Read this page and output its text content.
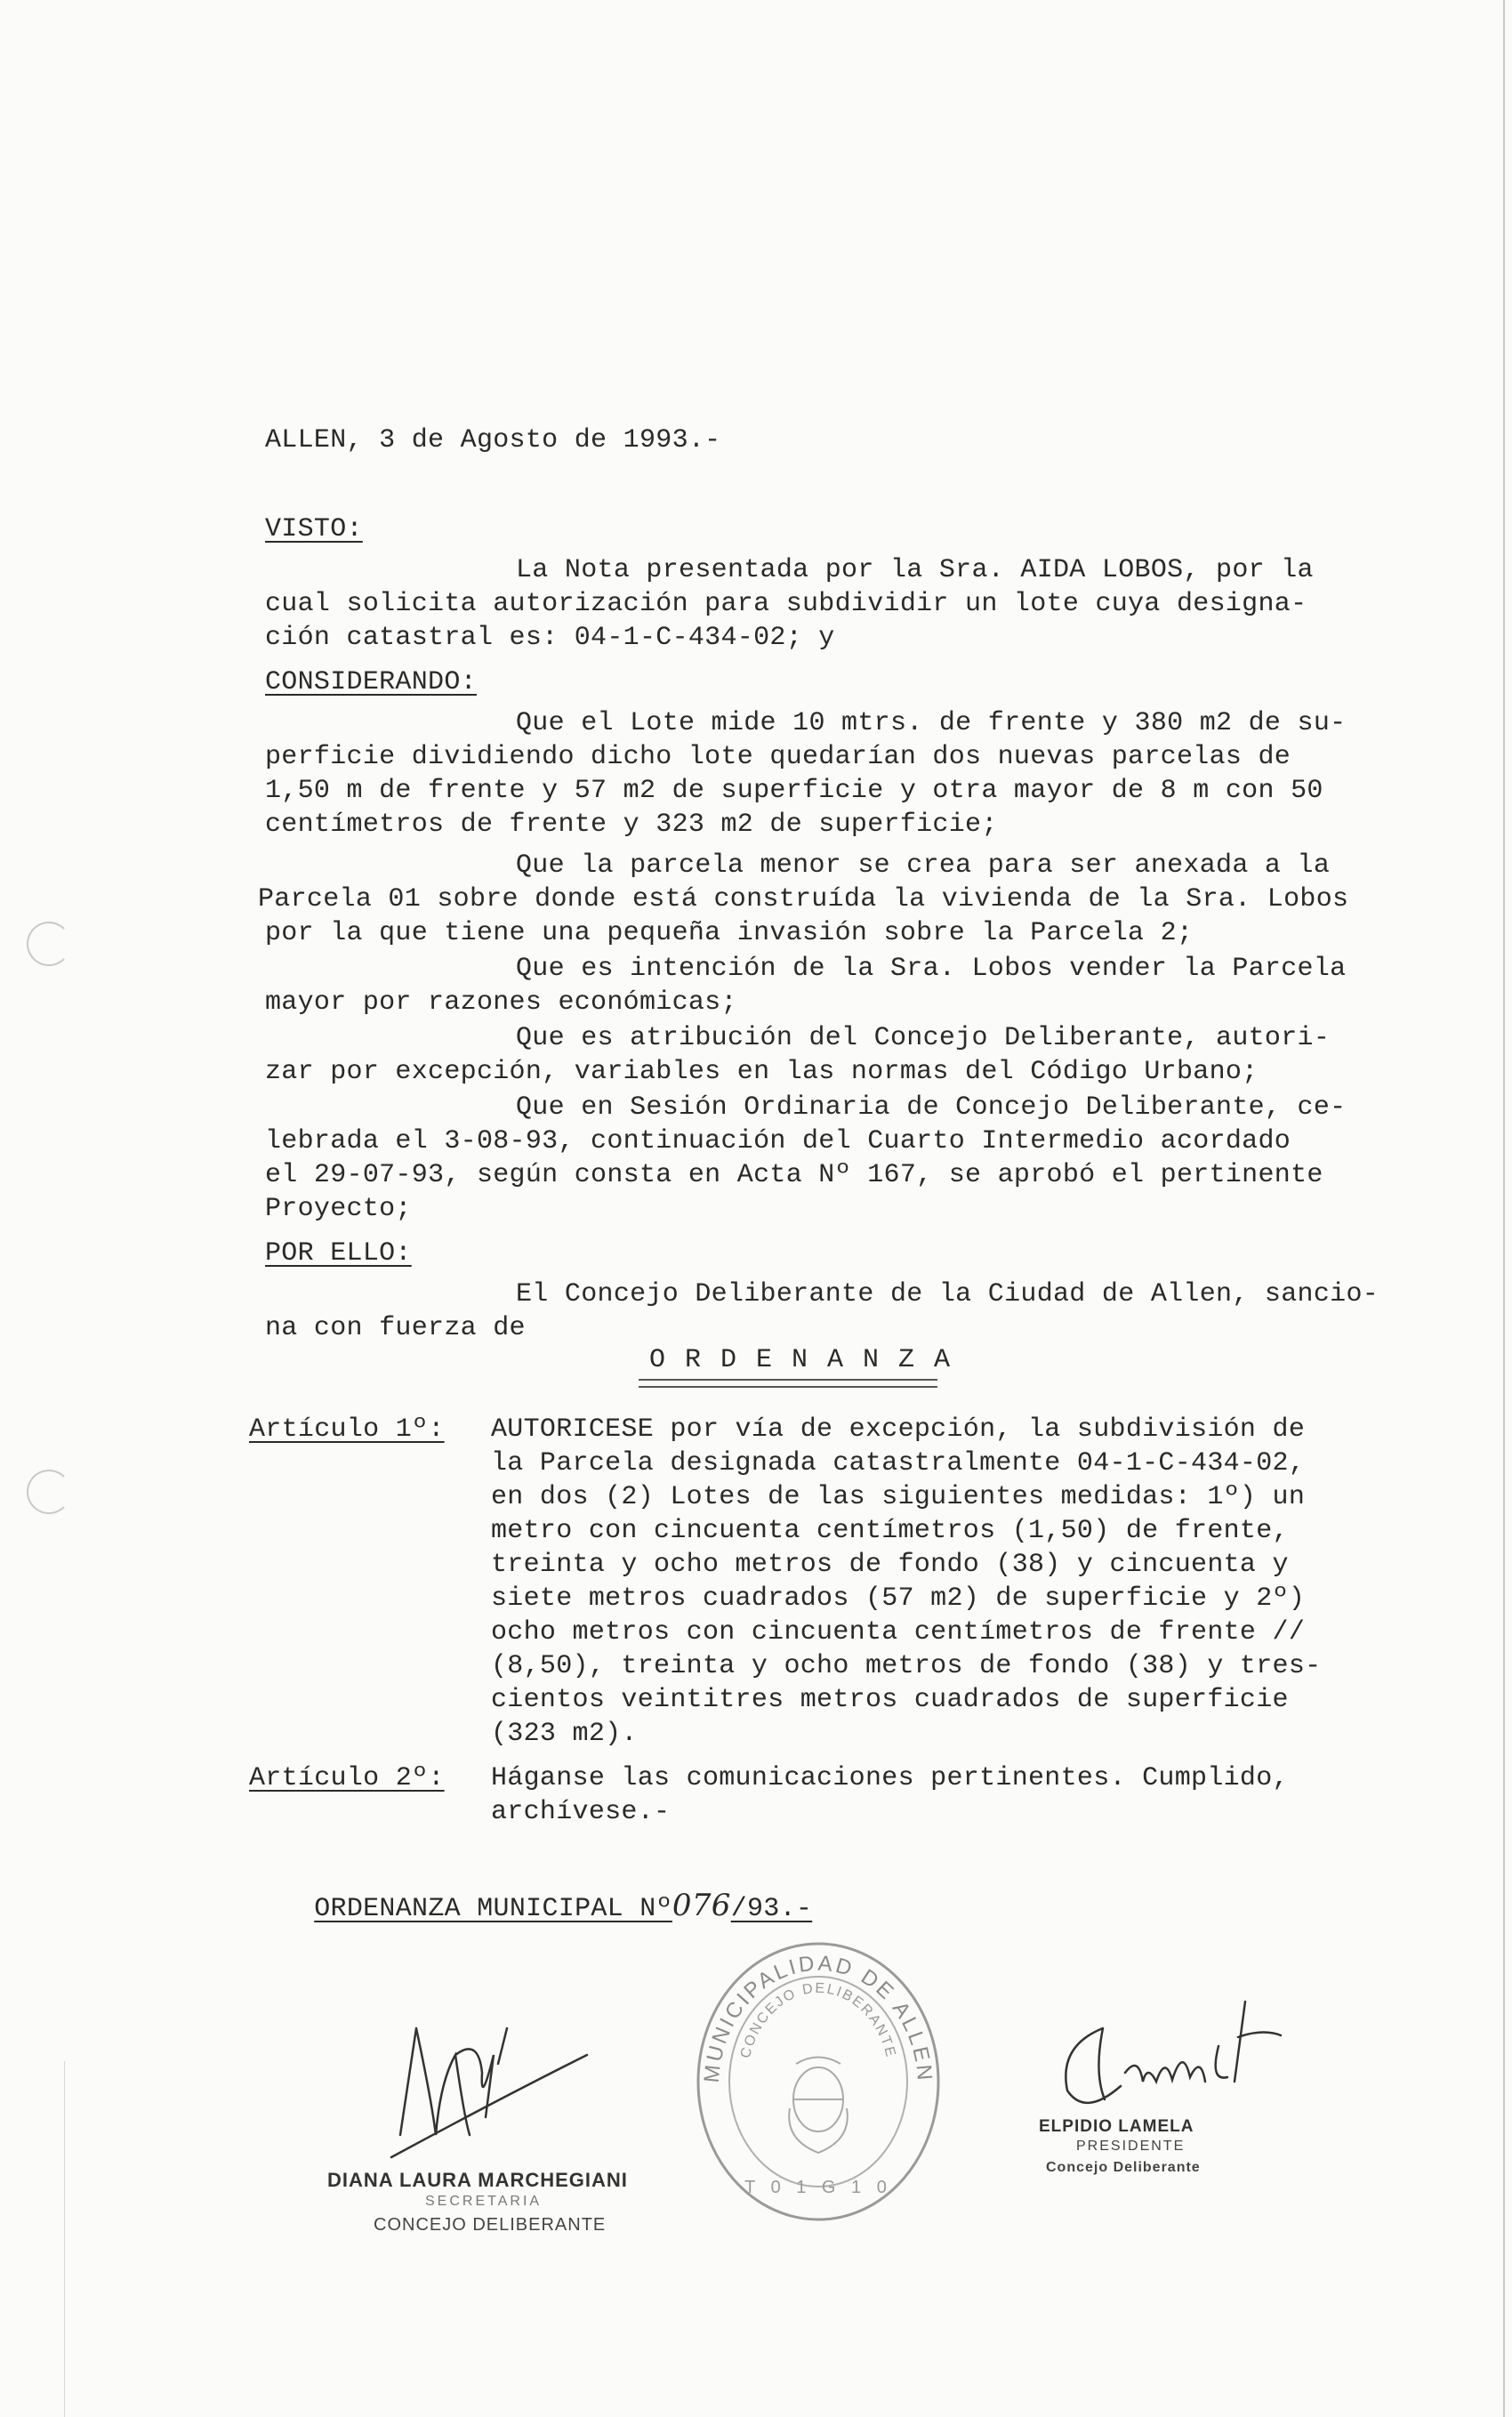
ALLEN, 3 de Agosto de 1993.-
VISTO:
La Nota presentada por la Sra. AIDA LOBOS, por la
cual solicita autorización para subdividir un lote cuya designa-
ción catastral es: 04-1-C-434-02; y
CONSIDERANDO:
Que el Lote mide 10 mtrs. de frente y 380 m2 de su-
perficie dividiendo dicho lote quedarían dos nuevas parcelas de
1,50 m de frente y 57 m2 de superficie y otra mayor de 8 m con 50
centímetros de frente y 323 m2 de superficie;
Que la parcela menor se crea para ser anexada a la
Parcela 01 sobre donde está construída la vivienda de la Sra. Lobos
por la que tiene una pequeña invasión sobre la Parcela 2;
Que es intención de la Sra. Lobos vender la Parcela
mayor por razones económicas;
Que es atribución del Concejo Deliberante, autori-
zar por excepción, variables en las normas del Código Urbano;
Que en Sesión Ordinaria de Concejo Deliberante, ce-
lebrada el 3-08-93, continuación del Cuarto Intermedio acordado
el 29-07-93, según consta en Acta Nº 167, se aprobó el pertinente
Proyecto;
POR ELLO:
El Concejo Deliberante de la Ciudad de Allen, sancio-
na con fuerza de
ORDENANZA
Artículo 1º: AUTORICESE por vía de excepción, la subdivisión de
la Parcela designada catastralmente 04-1-C-434-02,
en dos (2) Lotes de las siguientes medidas: 1º) un
metro con cincuenta centímetros (1,50) de frente,
treinta y ocho metros de fondo (38) y cincuenta y
siete metros cuadrados (57 m2) de superficie y 2º)
ocho metros con cincuenta centímetros de frente //
(8,50), treinta y ocho metros de fondo (38) y tres-
cientos veintitres metros cuadrados de superficie
(323 m2).
Artículo 2º: Háganse las comunicaciones pertinentes. Cumplido,
archívese.-

ORDENANZA MUNICIPAL Nº076/93.-

MUNICIPALIDAD DE ALLEN
CONCEJO DELIBERANTE
T 0 1 G 1 0
DIANA LAURA MARCHEGIANI
SECRETARIA
CONCEJO DELIBERANTE
ELPIDIO LAMELA
PRESIDENTE
Concejo Deliberante
